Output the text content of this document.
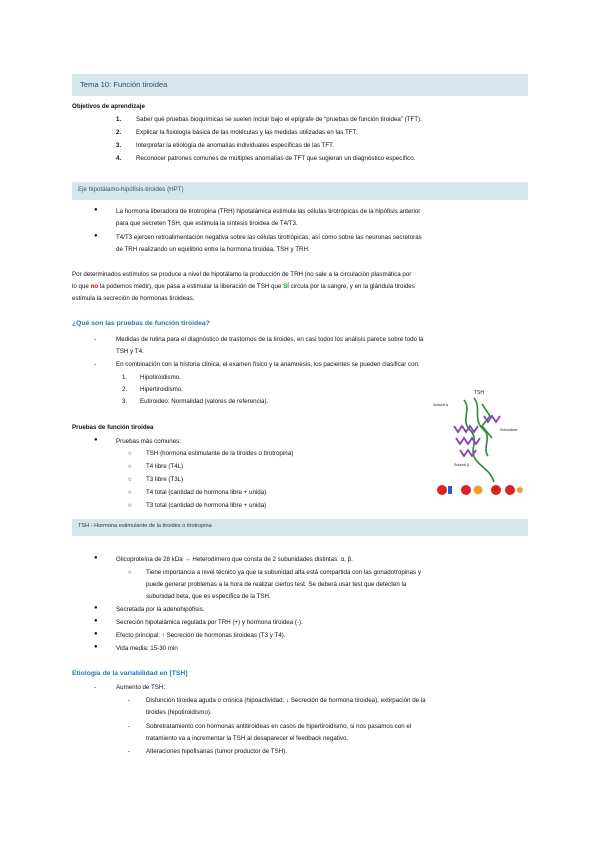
Tema 10: Función tiroidea
Objetivos de aprendizaje
1. Saber qué pruebas bioquímicas se suelen incluir bajo el epígrafe de “pruebas de función tiroidea” (TFT).
2. Explicar la fisiología básica de las moléculas y las medidas utilizadas en las TFT.
3. Interpretar la etiología de anomalías individuales específicas de las TFT.
4. Reconocer patrones comunes de múltiples anomalías de TFT que sugieran un diagnóstico específico.
Eje hipotálamo-hipófisis-tiroides (HPT)
●	La hormona liberadora de tirotropina (TRH) hipotalámica estimula las células tirotrópicas de la hipófisis anterior
para que secreten TSH, que estimula la síntesis tiroidea de T4/T3.
●	T4/T3 ejercen retroalimentación negativa sobre las células tirotrópicas, así como sobre las neuronas secretoras
de TRH realizando un equilibrio entre la hormona tiroidea, TSH y TRH.
Por determinados estímulos se produce a nivel de hipotálamo la producción de TRH (no sale a la circulación plasmática por
lo que no la podemos medir), que pasa a estimular la liberación de TSH que SÍ circula por la sangre, y en la glándula tiroides
estimula la secreción de hormonas tiroideas.
¿Qué son las pruebas de función tiroidea?
-	Medidas de rutina para el diagnóstico de trastornos de la tiroides, en casi todos los análisis parece sobre todo la
TSH y T4.
-	En combinación con la historia clínica, el examen físico y la anamnesis, los pacientes se pueden clasificar con:
1. Hipotiroidismo.
2. Hipertiroidismo.
3. Eutiroideo: Normalidad (valores de referencia).
Pruebas de función tiroidea
●	Pruebas más comunes:
○ TSH (hormona estimulante de la tiroides o tirotropina)
○ T4 libre (T4L)
○ T3 libre (T3L)
○ T4 total (cantidad de hormona libre + unida)
○ T3 total (cantidad de hormona libre + unida)
TSH
Subunit α
Heterodimer
Subunit β
TSH - Hormona estimulante de la tiroides o tirotropina
●	Glicoproteína de 28 kDa → Heterodímero que consta de 2 subunidades distintas: α, β.
○ Tiene importancia a nivel técnico ya que la subunidad alfa está compartida con las gonadotropinas y
puede generar problemas a la hora de realizar ciertos test. Se deberá usar test que detecten la
subunidad beta, que es específica de la TSH.
●	Secretada por la adenohipófisis.
●	Secreción hipotalámica regulada por TRH (+) y hormona tiroidea (-).
●	Efecto principal: ↑ Secreción de hormonas tiroideas (T3 y T4).
●	Vida media: 15-30 min
Etiología de la variabilidad en [TSH]
-	Aumento de TSH:
-	Disfunción tiroidea aguda o crónica (hipoactividad; ↓ Secreción de hormona tiroidea), extirpación de la
tiroides (hipotiroidismo).
-	Sobretratamiento con hormonas antitiroideas en casos de hipertiroidismo, si nos pasamos con el
tratamiento va a incrementar la TSH al desaparecer el feedback negativo.
-	Alteraciones hipofisarias (tumor productor de TSH).
